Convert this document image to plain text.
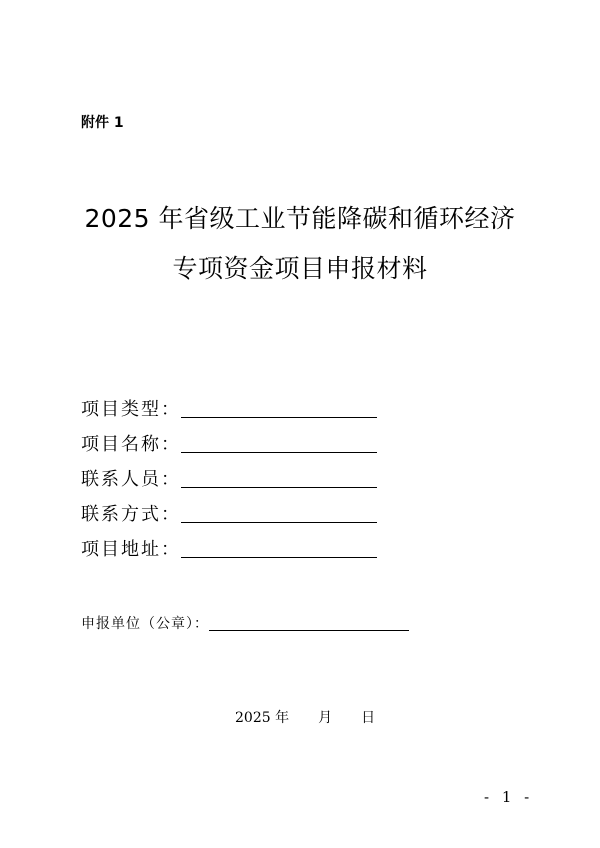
附件 1
2025 年省级工业节能降碳和循环经济
专项资金项目申报材料
项目类型：
项目名称：
联系人员：
联系方式：
项目地址：
申报单位（公章）：
2025 年 月 日
- 1 -
